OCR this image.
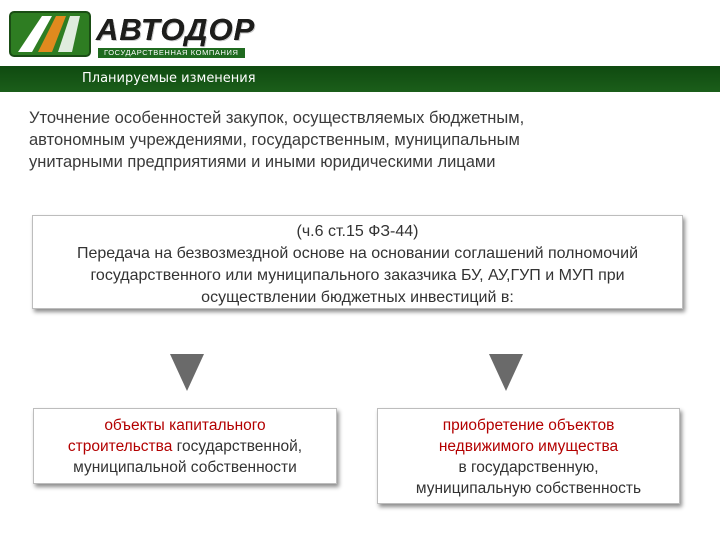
АВТОДОР
ГОСУДАРСТВЕННАЯ КОМПАНИЯ
Планируемые изменения
Уточнение особенностей закупок, осуществляемых бюджетным,
автономным учреждениями, государственным, муниципальным
унитарными предприятиями и иными юридическими лицами
(ч.6 ст.15 ФЗ-44)
Передача на безвозмездной основе на основании соглашений полномочий
государственного или муниципального заказчика БУ, АУ,ГУП и МУП при
осуществлении бюджетных инвестиций в:
объекты капитального
строительства государственной,
муниципальной собственности
приобретение объектов
недвижимого имущества
в государственную,
муниципальную собственность
